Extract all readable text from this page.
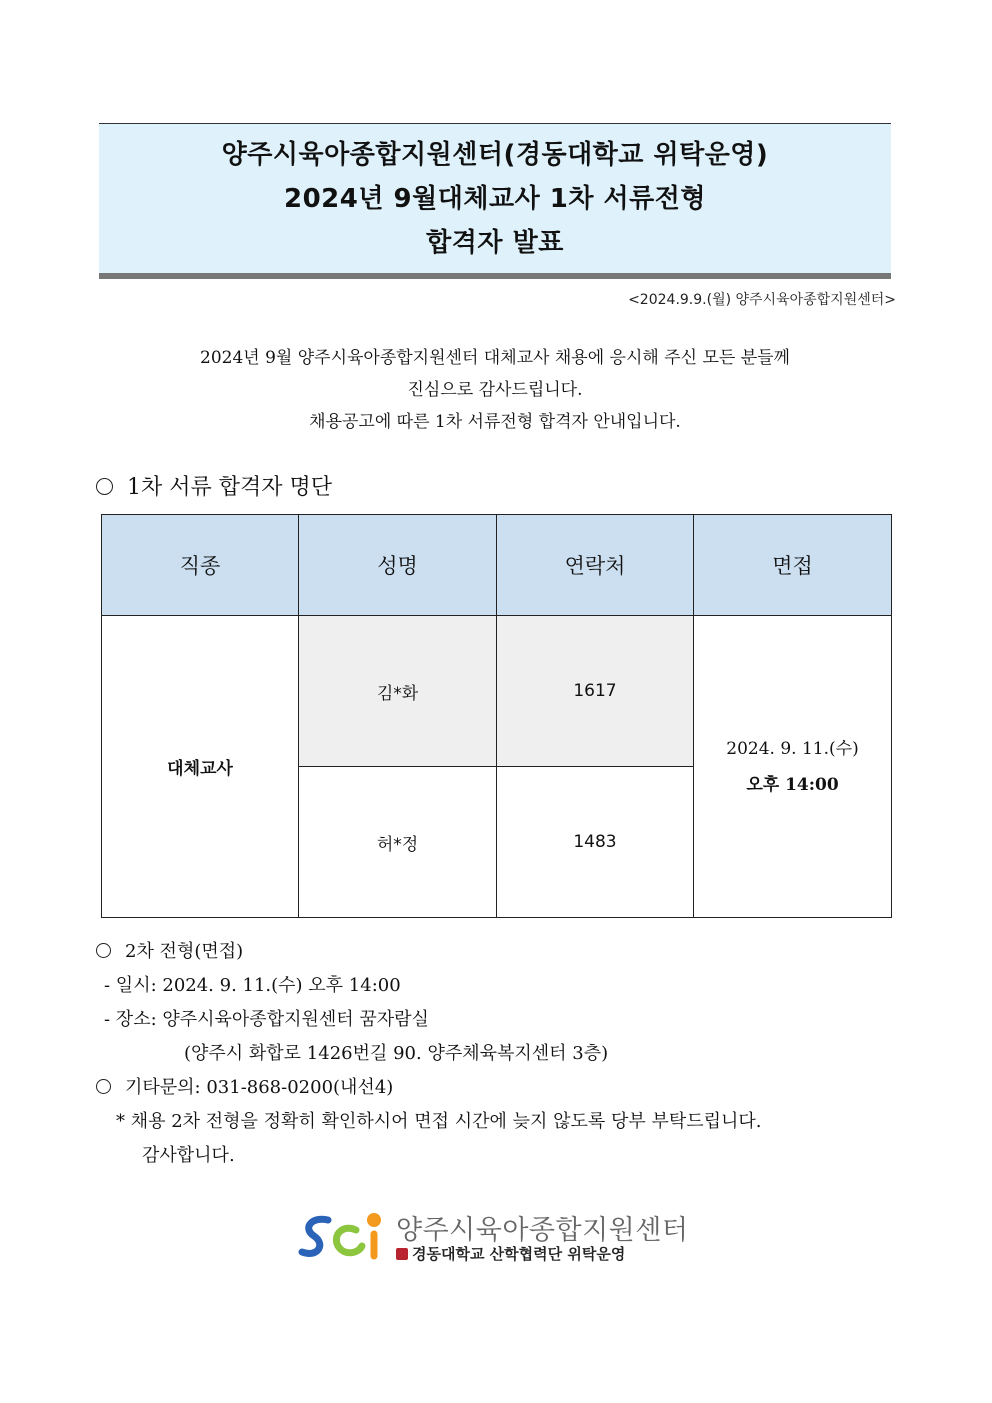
양주시육아종합지원센터(경동대학교 위탁운영)
2024년 9월대체교사 1차 서류전형
합격자 발표
<2024.9.9.(월) 양주시육아종합지원센터>
2024년 9월 양주시육아종합지원센터 대체교사 채용에 응시해 주신 모든 분들께
진심으로 감사드립니다.
채용공고에 따른 1차 서류전형 합격자 안내입니다.
1차 서류 합격자 명단
직종	성명	연락처	면접
대체교사	김*화	1617	2024. 9. 11.(수)
오후 14:00

	허*정	1483	
2차 전형(면접)
- 일시: 2024. 9. 11.(수) 오후 14:00
- 장소: 양주시육아종합지원센터 꿈자람실
(양주시 화합로 1426번길 90. 양주체육복지센터 3층)
기타문의: 031-868-0200(내선4)
* 채용 2차 전형을 정확히 확인하시어 면접 시간에 늦지 않도록 당부 부탁드립니다.
감사합니다.
양주시육아종합지원센터
경동대학교 산학협력단 위탁운영
